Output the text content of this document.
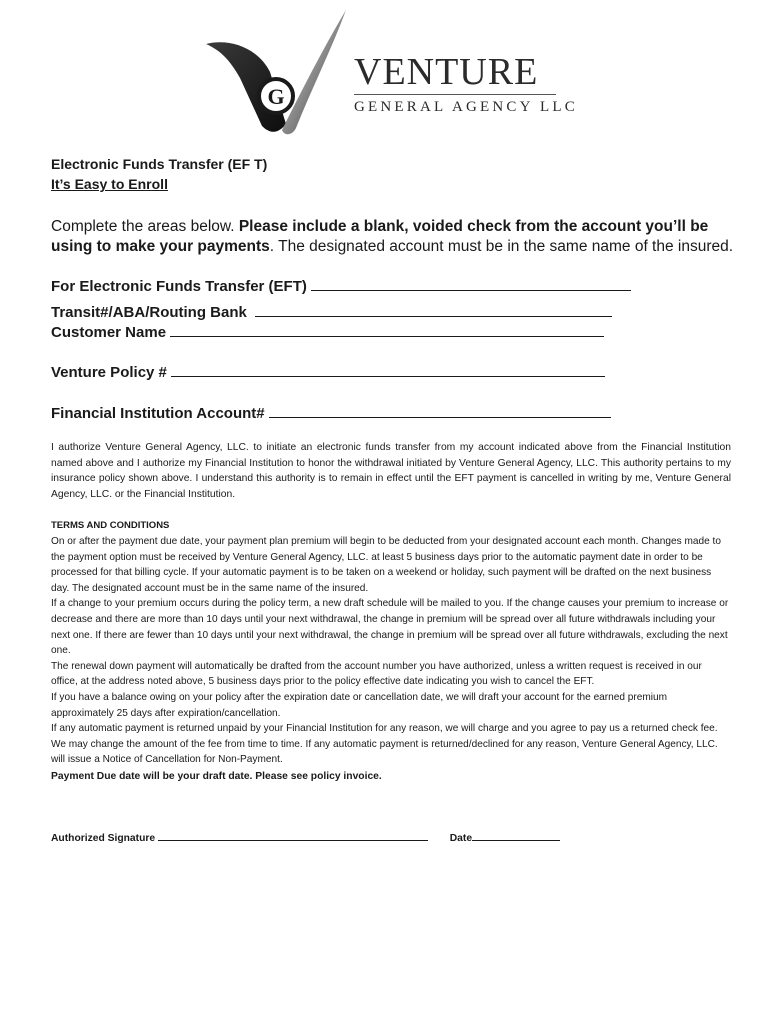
G
VENTURE
GENERAL AGENCY LLC
Electronic Funds Transfer (EF T)
It’s Easy to Enroll
Complete the areas below. Please include a blank, voided check from the account you’ll be using to make your payments. The designated account must be in the same name of the insured.
For Electronic Funds Transfer (EFT)
Transit#/ABA/Routing Bank
Customer Name
Venture Policy #
Financial Institution Account#
I authorize Venture General Agency, LLC. to initiate an electronic funds transfer from my account indicated above from the Financial Institution named above and I authorize my Financial Institution to honor the withdrawal initiated by Venture General Agency, LLC. This authority pertains to my insurance policy shown above. I understand this authority is to remain in effect until the EFT payment is cancelled in writing by me, Venture General Agency, LLC. or the Financial Institution.
TERMS AND CONDITIONS

On or after the payment due date, your payment plan premium will begin to be deducted from your designated account each month. Changes made to the payment option must be received by Venture General Agency, LLC. at least 5 business days prior to the automatic payment date in order to be processed for that billing cycle. If your automatic payment is to be taken on a weekend or holiday, such payment will be drafted on the next business day. The designated account must be in the same name of the insured.

If a change to your premium occurs during the policy term, a new draft schedule will be mailed to you. If the change causes your premium to increase or decrease and there are more than 10 days until your next withdrawal, the change in premium will be spread over all future withdrawals including your next one. If there are fewer than 10 days until your next withdrawal, the change in premium will be spread over all future withdrawals, excluding the next one.

The renewal down payment will automatically be drafted from the account number you have authorized, unless a written request is received in our office, at the address noted above, 5 business days prior to the policy effective date indicating you wish to cancel the EFT.

If you have a balance owing on your policy after the expiration date or cancellation date, we will draft your account for the earned premium approximately 25 days after expiration/cancellation.

If any automatic payment is returned unpaid by your Financial Institution for any reason, we will charge and you agree to pay us a returned check fee. We may change the amount of the fee from time to time. If any automatic payment is returned/declined for any reason, Venture General Agency, LLC. will issue a Notice of Cancellation for Non-Payment.

Payment Due date will be your draft date. Please see policy invoice.
Authorized Signature	Date
